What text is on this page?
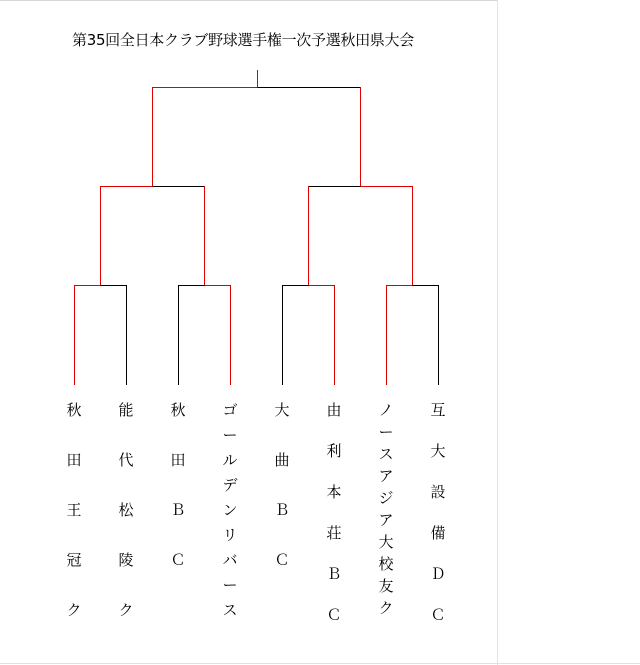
第35回全日本クラブ野球選手権一次予選秋田県大会
秋
田
王
冠
ク
能
代
松
陵
ク
秋
田
Ｂ
Ｃ
ゴ
ー
ル
デ
ン
リ
バ
ー
ス
大
曲
Ｂ
Ｃ
由
利
本
荘
Ｂ
Ｃ
ノ
ー
ス
ア
ジ
ア
大
校
友
ク
互
大
設
備
Ｄ
Ｃ
